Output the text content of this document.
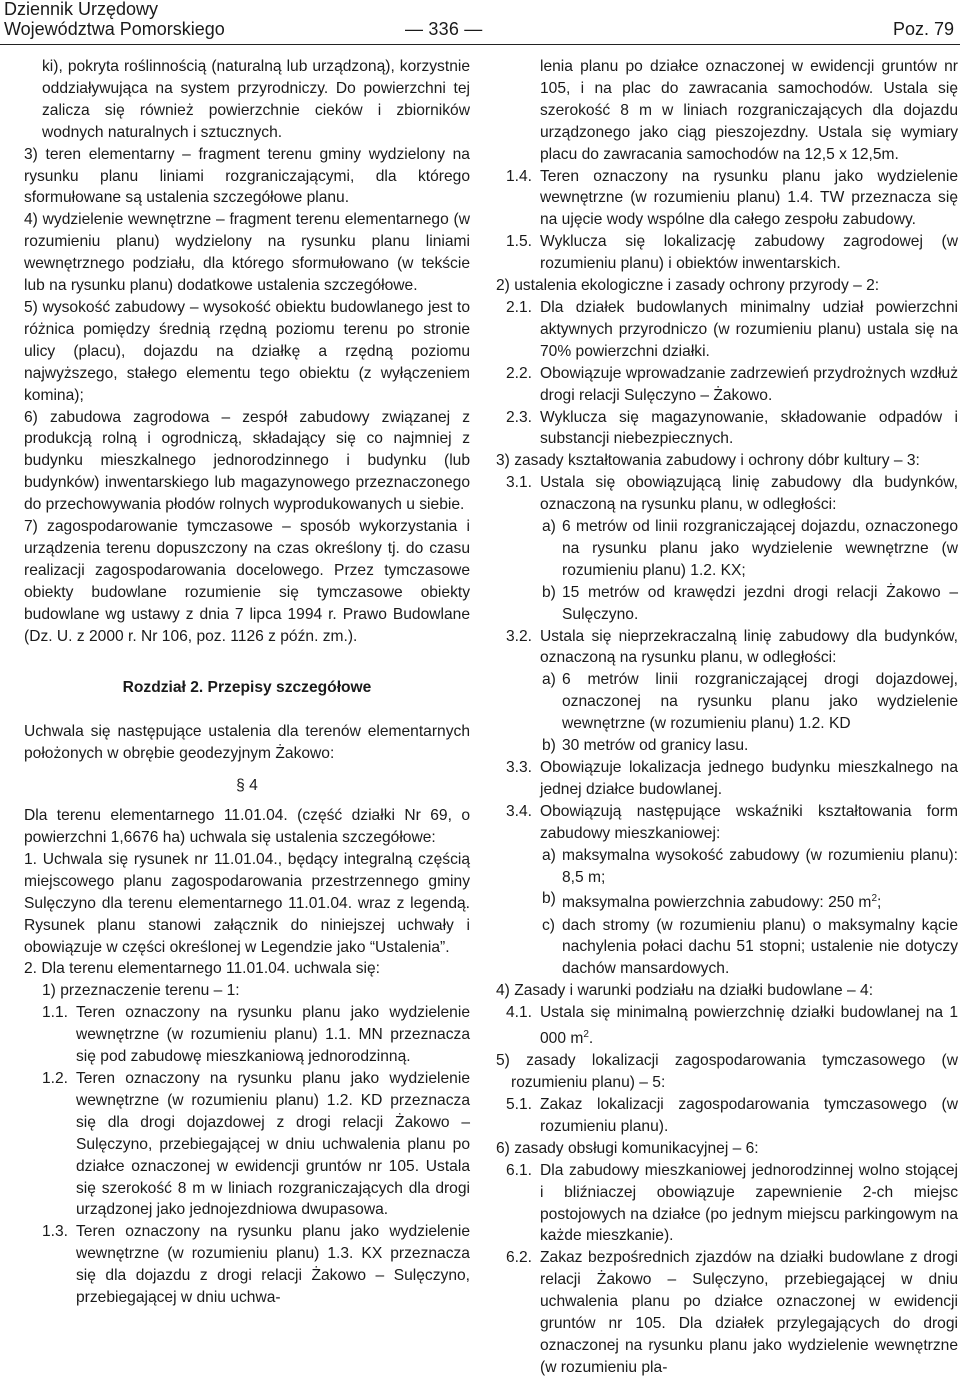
Dziennik Urzędowy
Województwa Pomorskiego	— 336 —	Poz. 79

ki), pokryta roślinnością (naturalną lub urządzoną), korzystnie oddziaływująca na system przyrodniczy. Do powierzchni tej zalicza się również powierzchnie cieków i zbiorników wodnych naturalnych i sztucznych.

3) teren elementarny – fragment terenu gminy wydzielony na rysunku planu liniami rozgraniczającymi, dla którego sformułowane są ustalenia szczegółowe planu.

4) wydzielenie wewnętrzne – fragment terenu elementarnego (w rozumieniu planu) wydzielony na rysunku planu liniami wewnętrznego podziału, dla którego sformułowano (w tekście lub na rysunku planu) dodatkowe ustalenia szczegółowe.

5) wysokość zabudowy – wysokość obiektu budowlanego jest to różnica pomiędzy średnią rzędną poziomu terenu po stronie ulicy (placu), dojazdu na działkę a rzędną poziomu najwyższego, stałego elementu tego obiektu (z wyłączeniem komina);

6) zabudowa zagrodowa – zespół zabudowy związanej z produkcją rolną i ogrodniczą, składający się co najmniej z budynku mieszkalnego jednorodzinnego i budynku (lub budynków) inwentarskiego lub magazynowego przeznaczonego do przechowywania płodów rolnych wyprodukowanych u siebie.

7) zagospodarowanie tymczasowe – sposób wykorzystania i urządzenia terenu dopuszczony na czas określony tj. do czasu realizacji zagospodarowania docelowego. Przez tymczasowe obiekty budowlane rozumienie się tymczasowe obiekty budowlane wg ustawy z dnia 7 lipca 1994 r. Prawo Budowlane (Dz. U. z 2000 r. Nr 106, poz. 1126 z późn. zm.).

Rozdział 2. Przepisy szczegółowe

Uchwala się następujące ustalenia dla terenów elementarnych położonych w obrębie geodezyjnym Żakowo:

§ 4

Dla terenu elementarnego 11.01.04. (część działki Nr 69, o powierzchni 1,6676 ha) uchwala się ustalenia szczegółowe:

1. Uchwala się rysunek nr 11.01.04., będący integralną częścią miejscowego planu zagospodarowania przestrzennego gminy Sulęczyno dla terenu elementarnego 11.01.04. wraz z legendą. Rysunek planu stanowi załącznik do niniejszej uchwały i obowiązuje w części określonej w Legendzie jako “Ustalenia”.

2. Dla terenu elementarnego 11.01.04. uchwala się:

1) przeznaczenie terenu – 1:

1.1. Teren oznaczony na rysunku planu jako wydzielenie wewnętrzne (w rozumieniu planu) 1.1. MN przeznacza się pod zabudowę mieszkaniową jednorodzinną.
1.2. Teren oznaczony na rysunku planu jako wydzielenie wewnętrzne (w rozumieniu planu) 1.2. KD przeznacza się dla drogi dojazdowej z drogi relacji Żakowo – Sulęczyno, przebiegającej w dniu uchwalenia planu po działce oznaczonej w ewidencji gruntów nr 105. Ustala się szerokość 8 m w liniach rozgraniczających dla drogi urządzonej jako jednojezdniowa dwupasowa.
1.3. Teren oznaczony na rysunku planu jako wydzielenie wewnętrzne (w rozumieniu planu) 1.3. KX przeznacza się dla dojazdu z drogi relacji Żakowo – Sulęczyno, przebiegającej w dniu uchwa-
lenia planu po działce oznaczonej w ewidencji gruntów nr 105, i na plac do zawracania samochodów. Ustala się szerokość 8 m w liniach rozgraniczających dla dojazdu urządzonego jako ciąg pieszojezdny. Ustala się wymiary placu do zawracania samochodów na 12,5 x 12,5m.
1.4. Teren oznaczony na rysunku planu jako wydzielenie wewnętrzne (w rozumieniu planu) 1.4. TW przeznacza się na ujęcie wody wspólne dla całego zespołu zabudowy.
1.5. Wyklucza się lokalizację zabudowy zagrodowej (w rozumieniu planu) i obiektów inwentarskich.

2) ustalenia ekologiczne i zasady ochrony przyrody – 2:

2.1. Dla działek budowlanych minimalny udział powierzchni aktywnych przyrodniczo (w rozumieniu planu) ustala się na 70% powierzchni działki.
2.2. Obowiązuje wprowadzanie zadrzewień przydrożnych wzdłuż drogi relacji Sulęczyno – Żakowo.
2.3. Wyklucza się magazynowanie, składowanie odpadów i substancji niebezpiecznych.

3) zasady kształtowania zabudowy i ochrony dóbr kultury – 3:

3.1. Ustala się obowiązującą linię zabudowy dla budynków, oznaczoną na rysunku planu, w odległości:
a) 6 metrów od linii rozgraniczającej dojazdu, oznaczonego na rysunku planu jako wydzielenie wewnętrzne (w rozumieniu planu) 1.2. KX;
b) 15 metrów od krawędzi jezdni drogi relacji Żakowo – Sulęczyno.
3.2. Ustala się nieprzekraczalną linię zabudowy dla budynków, oznaczoną na rysunku planu, w odległości:
a) 6 metrów linii rozgraniczającej drogi dojazdowej, oznaczonej na rysunku planu jako wydzielenie wewnętrzne (w rozumieniu planu) 1.2. KD
b) 30 metrów od granicy lasu.
3.3. Obowiązuje lokalizacja jednego budynku mieszkalnego na jednej działce budowlanej.
3.4. Obowiązują następujące wskaźniki kształtowania form zabudowy mieszkaniowej:
a) maksymalna wysokość zabudowy (w rozumieniu planu): 8,5 m;
b) maksymalna powierzchnia zabudowy: 250 $m^2$;
c) dach stromy (w rozumieniu planu) o maksymalny kącie nachylenia połaci dachu 51 stopni; ustalenie nie dotyczy dachów mansardowych.

4) Zasady i warunki podziału na działki budowlane – 4:

4.1. Ustala się minimalną powierzchnię działki budowlanej na 1 000 $m^2$.

5) zasady lokalizacji zagospodarowania tymczasowego (w rozumieniu planu) – 5:

5.1. Zakaz lokalizacji zagospodarowania tymczasowego (w rozumieniu planu).

6) zasady obsługi komunikacyjnej – 6:

6.1. Dla zabudowy mieszkaniowej jednorodzinnej wolno stojącej i bliźniaczej obowiązuje zapewnienie 2-ch miejsc postojowych na działce (po jednym miejscu parkingowym na każde mieszkanie).
6.2. Zakaz bezpośrednich zjazdów na działki budowlane z drogi relacji Żakowo – Sulęczyno, przebiegającej w dniu uchwalenia planu po działce oznaczonej w ewidencji gruntów nr 105. Dla działek przylegających do drogi oznaczonej na rysunku planu jako wydzielenie wewnętrzne (w rozumieniu pla-
